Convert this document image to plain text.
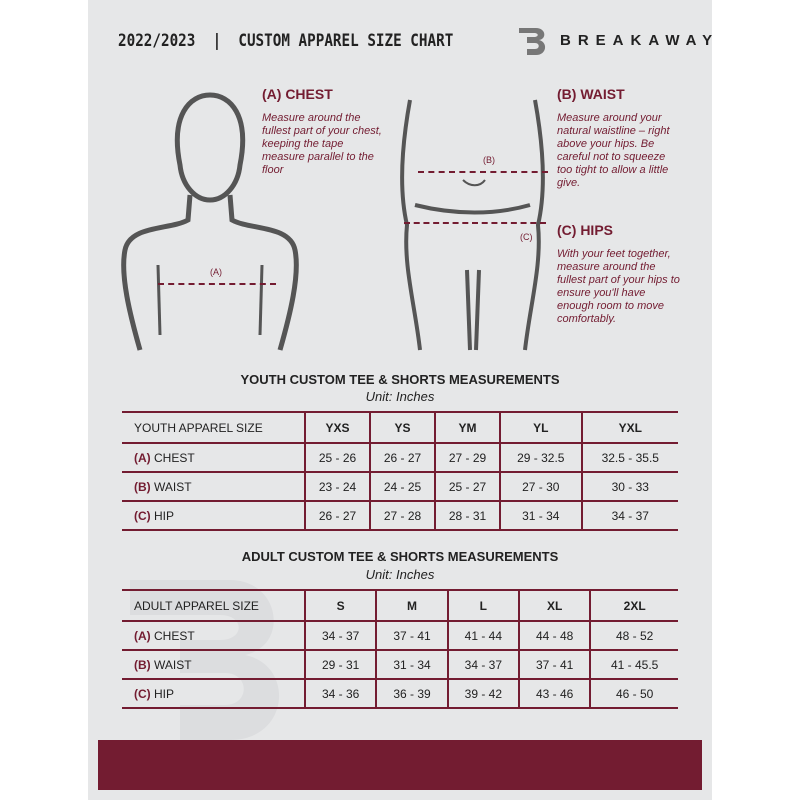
2022/2023  |  CUSTOM APPAREL SIZE CHART	BREAKAWAY
(A)
(B)
(C)
(A) CHEST
Measure around the fullest part of your chest, keeping the tape measure parallel to the floor
(B) WAIST
Measure around your natural waistline – right above your hips. Be careful not to squeeze too tight to allow a little give.
(C) HIPS
With your feet together, measure around the fullest part of your hips to ensure you'll have enough room to move comfortably.
YOUTH CUSTOM TEE & SHORTS MEASUREMENTS
Unit: Inches
YOUTH APPAREL SIZE	YXS	YS	YM	YL	YXL
(A) CHEST	25 - 26	26 - 27	27 - 29	29 - 32.5	32.5 - 35.5
(B) WAIST	23 - 24	24 - 25	25 - 27	27 - 30	30 - 33
(C) HIP	26 - 27	27 - 28	28 - 31	31 - 34	34 - 37
ADULT CUSTOM TEE & SHORTS MEASUREMENTS
Unit: Inches
ADULT APPAREL SIZE	S	M	L	XL	2XL
(A) CHEST	34 - 37	37 - 41	41 - 44	44 - 48	48 - 52
(B) WAIST	29 - 31	31 - 34	34 - 37	37 - 41	41 - 45.5
(C) HIP	34 - 36	36 - 39	39 - 42	43 - 46	46 - 50
